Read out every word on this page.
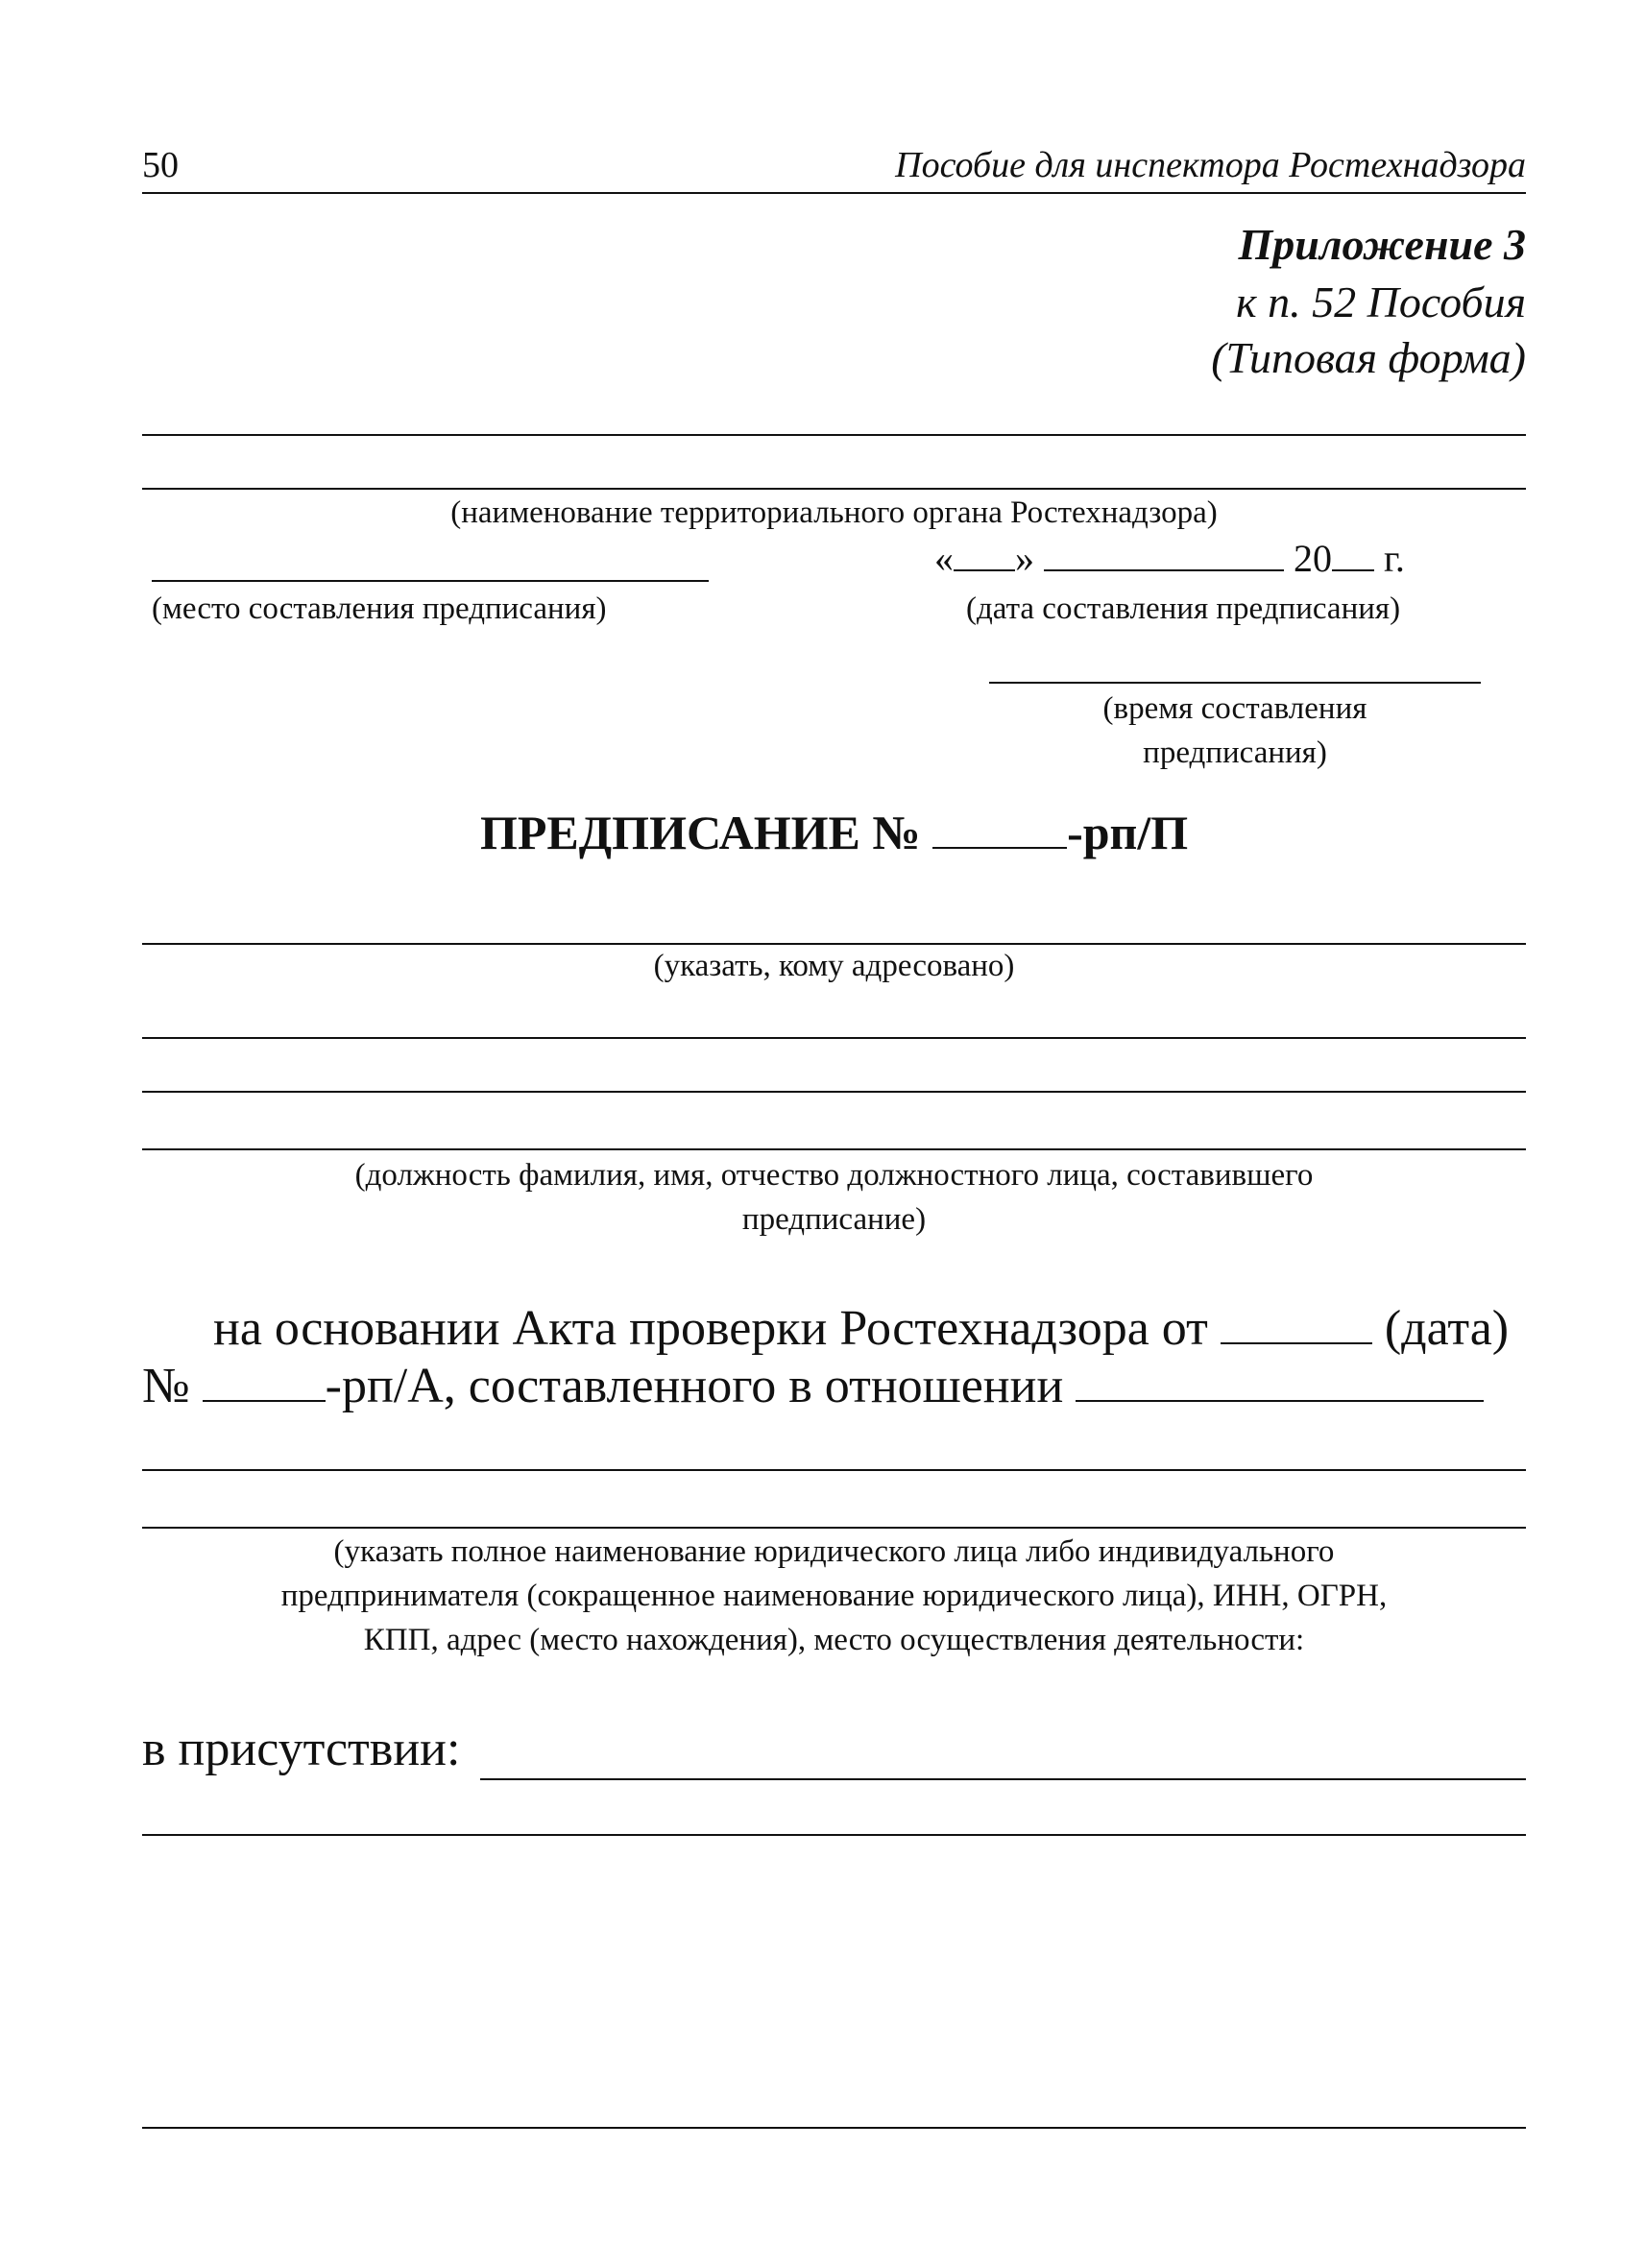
50	Пособие для инспектора Ростехнадзора
Приложение 3
к п. 52 Пособия
(Типовая форма)
(наименование территориального органа Ростехнадзора)
« »	20 г.
(место составления предписания)	(дата составления предписания)
(время составления
предписания)
ПРЕДПИСАНИЕ №	-рп/П
(указать, кому адресовано)
(должность фамилия, имя, отчество должностного лица, составившего
предписание)
на основании Акта проверки Ростехнадзора от	(дата)
№	-рп/А, составленного в отношении
(указать полное наименование юридического лица либо индивидуального
предпринимателя (сокращенное наименование юридического лица), ИНН, ОГРН,
КПП, адрес (место нахождения), место осуществления деятельности:
в присутствии:
